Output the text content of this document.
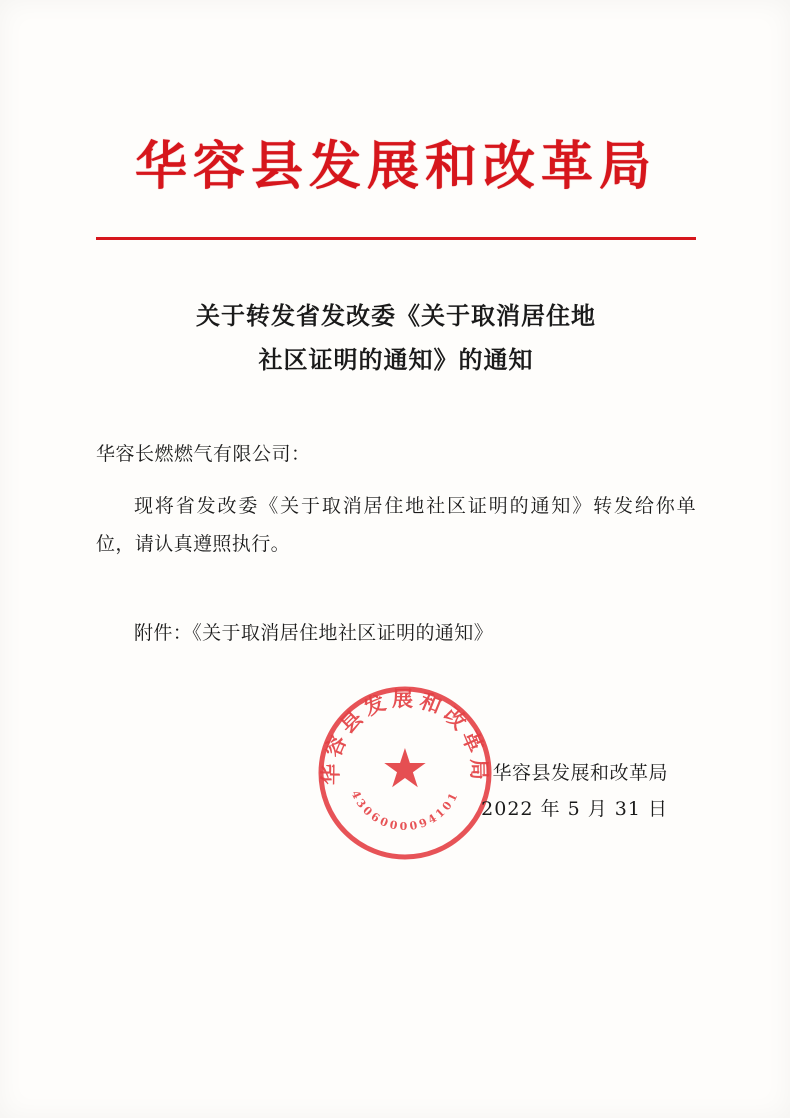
华容县发展和改革局
关于转发省发改委《关于取消居住地
社区证明的通知》的通知
华容长燃燃气有限公司：
现将省发改委《关于取消居住地社区证明的通知》转发给你单位，请认真遵照执行。
附件：《关于取消居住地社区证明的通知》
华容县发展和改革局
2022 年 5 月 31 日
华容县发展和改革局
4306000094101
★
